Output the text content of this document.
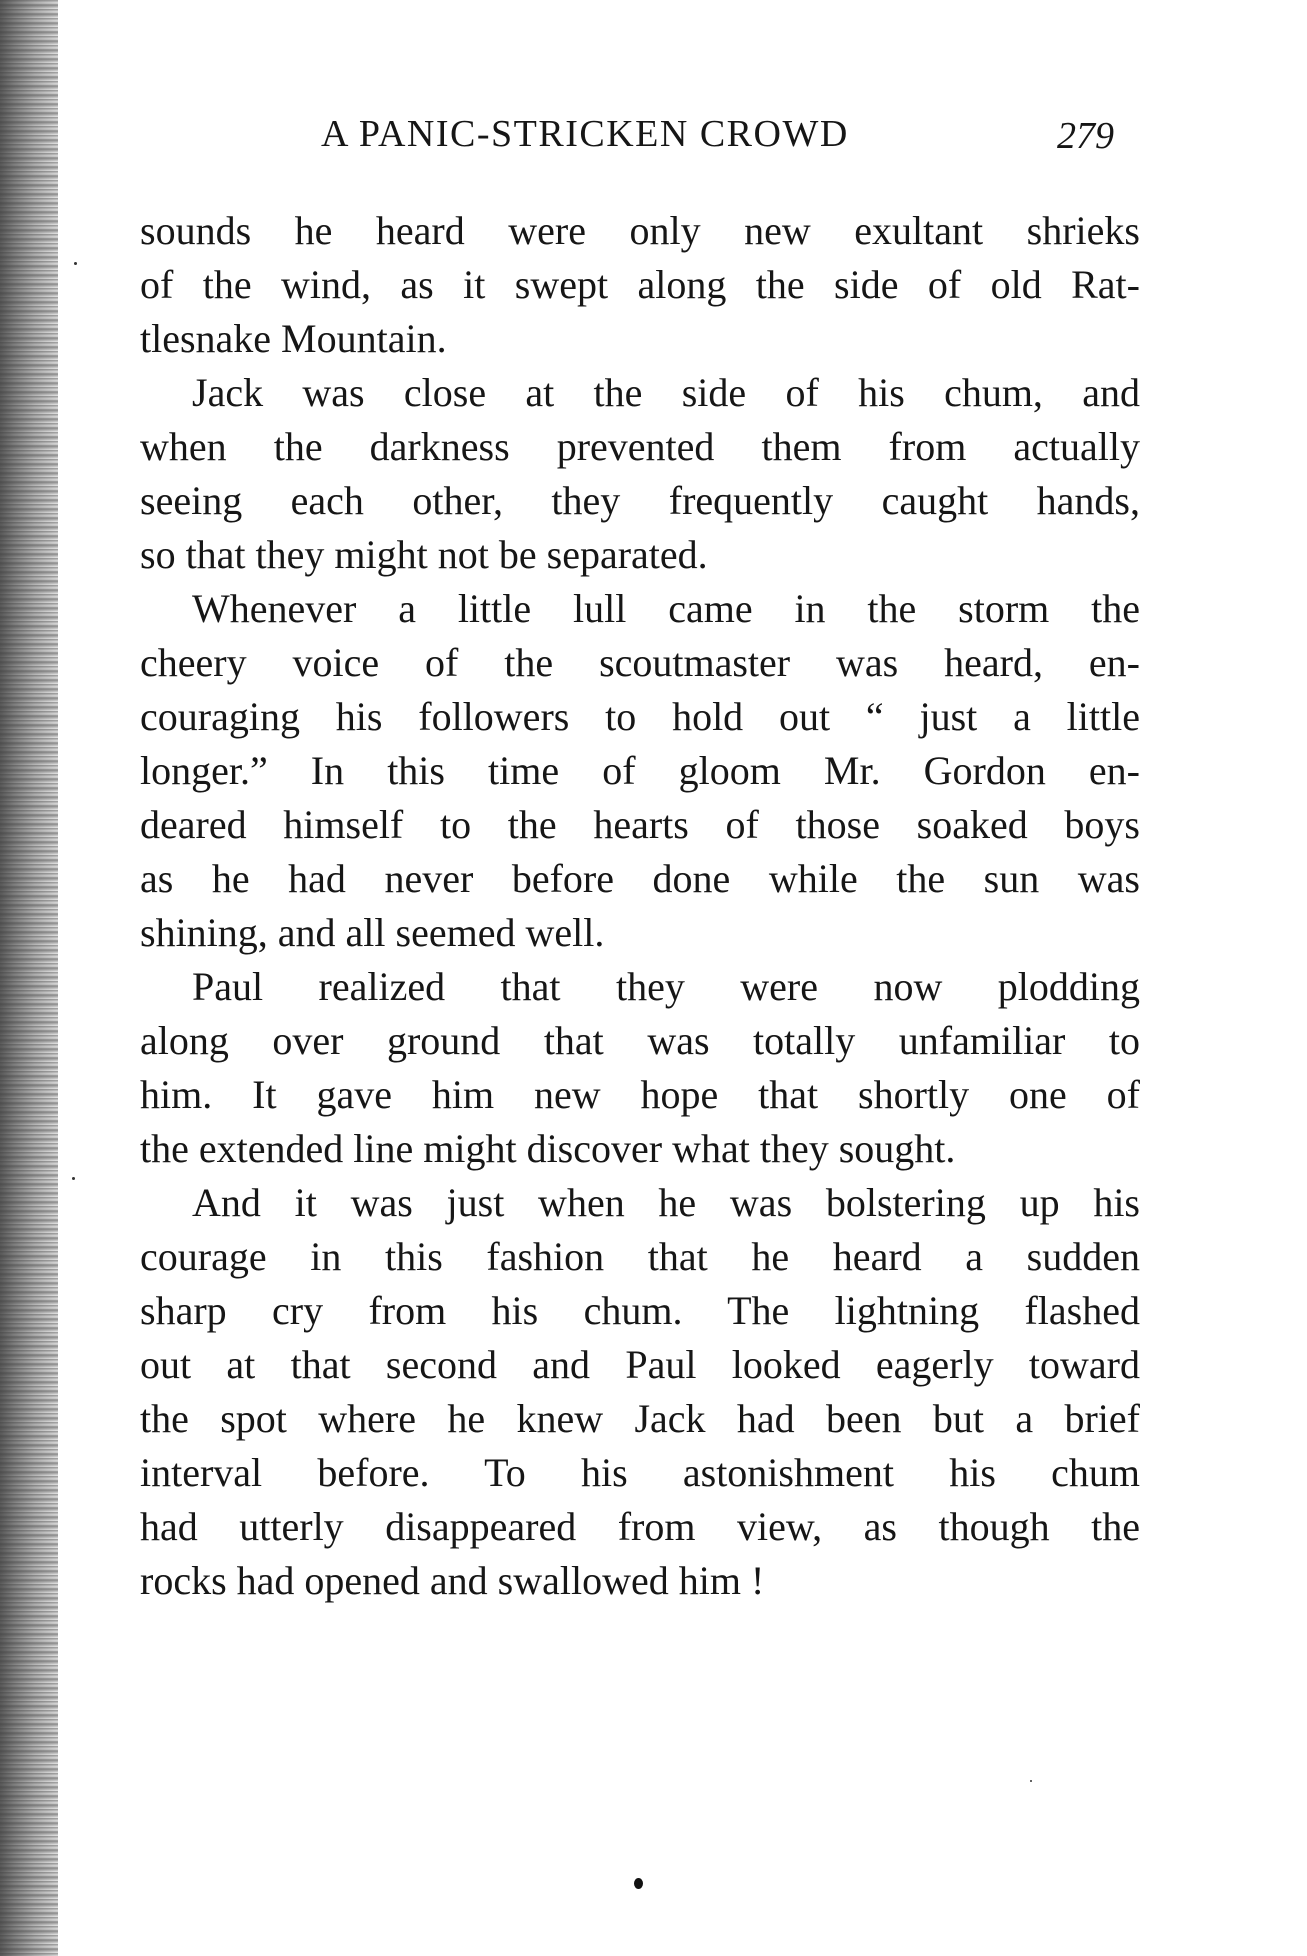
A PANIC-STRICKEN CROWD	279
sounds he heard were only new exultant shrieks
of the wind, as it swept along the side of old Rat-
tlesnake Mountain.
Jack was close at the side of his chum, and
when the darkness prevented them from actually
seeing each other, they frequently caught hands,
so that they might not be separated.
Whenever a little lull came in the storm the
cheery voice of the scoutmaster was heard, en-
couraging his followers to hold out “ just a little
longer.” In this time of gloom Mr. Gordon en-
deared himself to the hearts of those soaked boys
as he had never before done while the sun was
shining, and all seemed well.
Paul realized that they were now plodding
along over ground that was totally unfamiliar to
him. It gave him new hope that shortly one of
the extended line might discover what they sought.
And it was just when he was bolstering up his
courage in this fashion that he heard a sudden
sharp cry from his chum. The lightning flashed
out at that second and Paul looked eagerly toward
the spot where he knew Jack had been but a brief
interval before. To his astonishment his chum
had utterly disappeared from view, as though the
rocks had opened and swallowed him !
